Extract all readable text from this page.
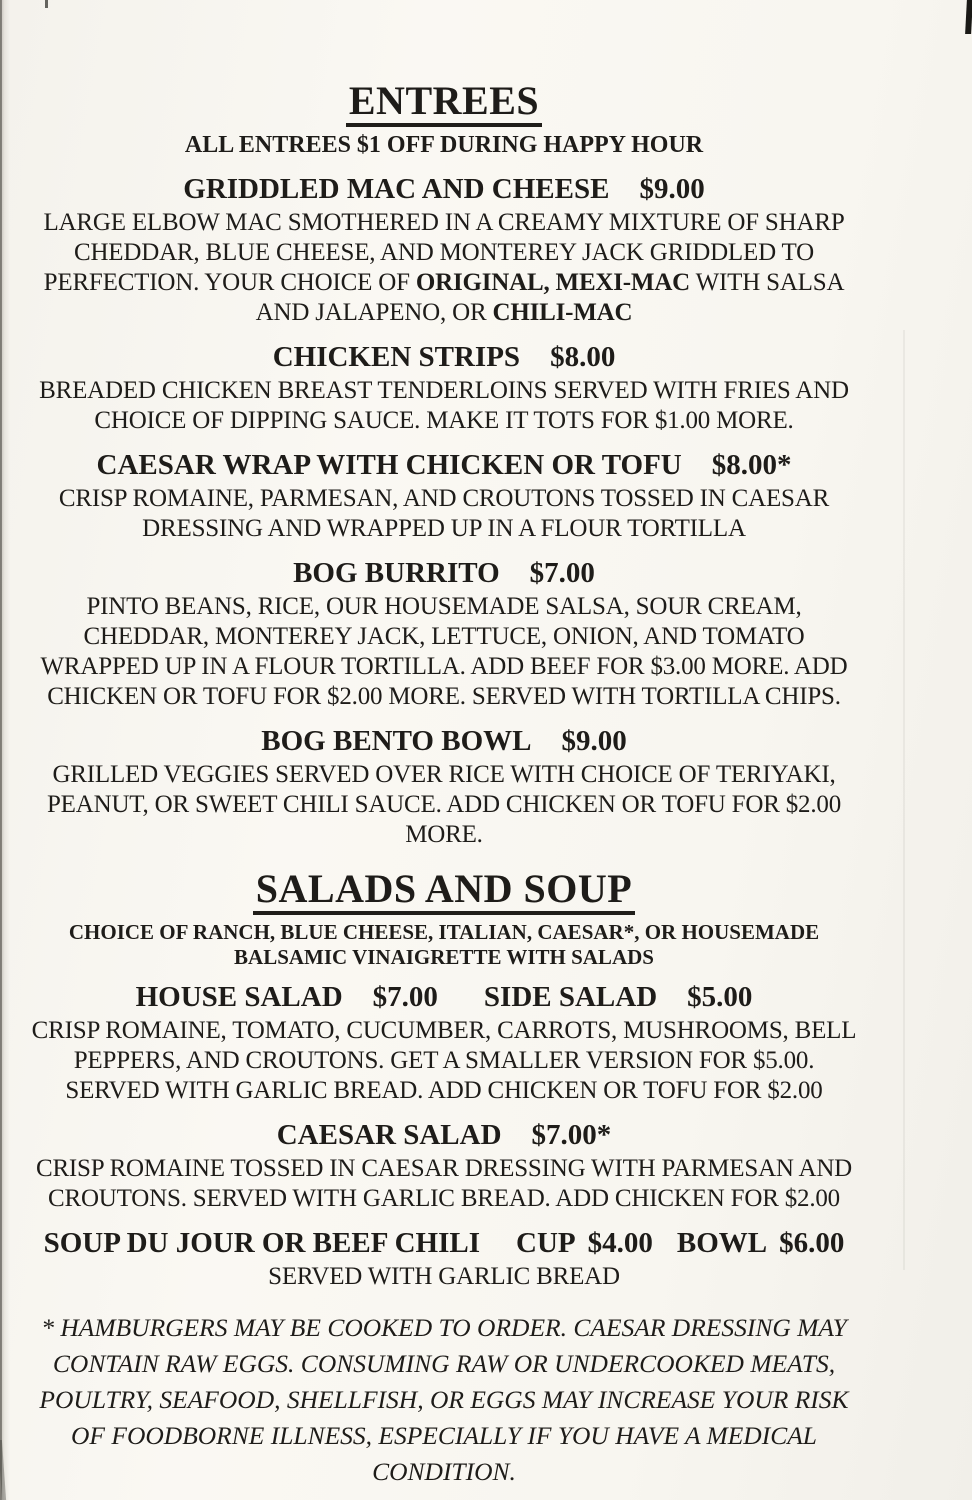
ENTREES

ALL ENTREES $1 OFF DURING HAPPY HOUR

GRIDDLED MAC AND CHEESE $9.00

LARGE ELBOW MAC SMOTHERED IN A CREAMY MIXTURE OF SHARP CHEDDAR, BLUE CHEESE, AND MONTEREY JACK GRIDDLED TO PERFECTION. YOUR CHOICE OF ORIGINAL, MEXI-MAC WITH SALSA AND JALAPENO, OR CHILI-MAC

CHICKEN STRIPS $8.00

BREADED CHICKEN BREAST TENDERLOINS SERVED WITH FRIES AND CHOICE OF DIPPING SAUCE. MAKE IT TOTS FOR $1.00 MORE.

CAESAR WRAP WITH CHICKEN OR TOFU $8.00*

CRISP ROMAINE, PARMESAN, AND CROUTONS TOSSED IN CAESAR DRESSING AND WRAPPED UP IN A FLOUR TORTILLA

BOG BURRITO $7.00

PINTO BEANS, RICE, OUR HOUSEMADE SALSA, SOUR CREAM, CHEDDAR, MONTEREY JACK, LETTUCE, ONION, AND TOMATO WRAPPED UP IN A FLOUR TORTILLA. ADD BEEF FOR $3.00 MORE. ADD CHICKEN OR TOFU FOR $2.00 MORE. SERVED WITH TORTILLA CHIPS.

BOG BENTO BOWL $9.00

GRILLED VEGGIES SERVED OVER RICE WITH CHOICE OF TERIYAKI, PEANUT, OR SWEET CHILI SAUCE. ADD CHICKEN OR TOFU FOR $2.00 MORE.

SALADS AND SOUP

CHOICE OF RANCH, BLUE CHEESE, ITALIAN, CAESAR*, OR HOUSEMADE BALSAMIC VINAIGRETTE WITH SALADS

HOUSE SALAD $7.00 SIDE SALAD $5.00

CRISP ROMAINE, TOMATO, CUCUMBER, CARROTS, MUSHROOMS, BELL PEPPERS, AND CROUTONS. GET A SMALLER VERSION FOR $5.00. SERVED WITH GARLIC BREAD. ADD CHICKEN OR TOFU FOR $2.00

CAESAR SALAD $7.00*

CRISP ROMAINE TOSSED IN CAESAR DRESSING WITH PARMESAN AND CROUTONS. SERVED WITH GARLIC BREAD. ADD CHICKEN FOR $2.00

SOUP DU JOUR OR BEEF CHILI CUP $4.00 BOWL $6.00

SERVED WITH GARLIC BREAD

* HAMBURGERS MAY BE COOKED TO ORDER. CAESAR DRESSING MAY CONTAIN RAW EGGS. CONSUMING RAW OR UNDERCOOKED MEATS, POULTRY, SEAFOOD, SHELLFISH, OR EGGS MAY INCREASE YOUR RISK OF FOODBORNE ILLNESS, ESPECIALLY IF YOU HAVE A MEDICAL CONDITION.
